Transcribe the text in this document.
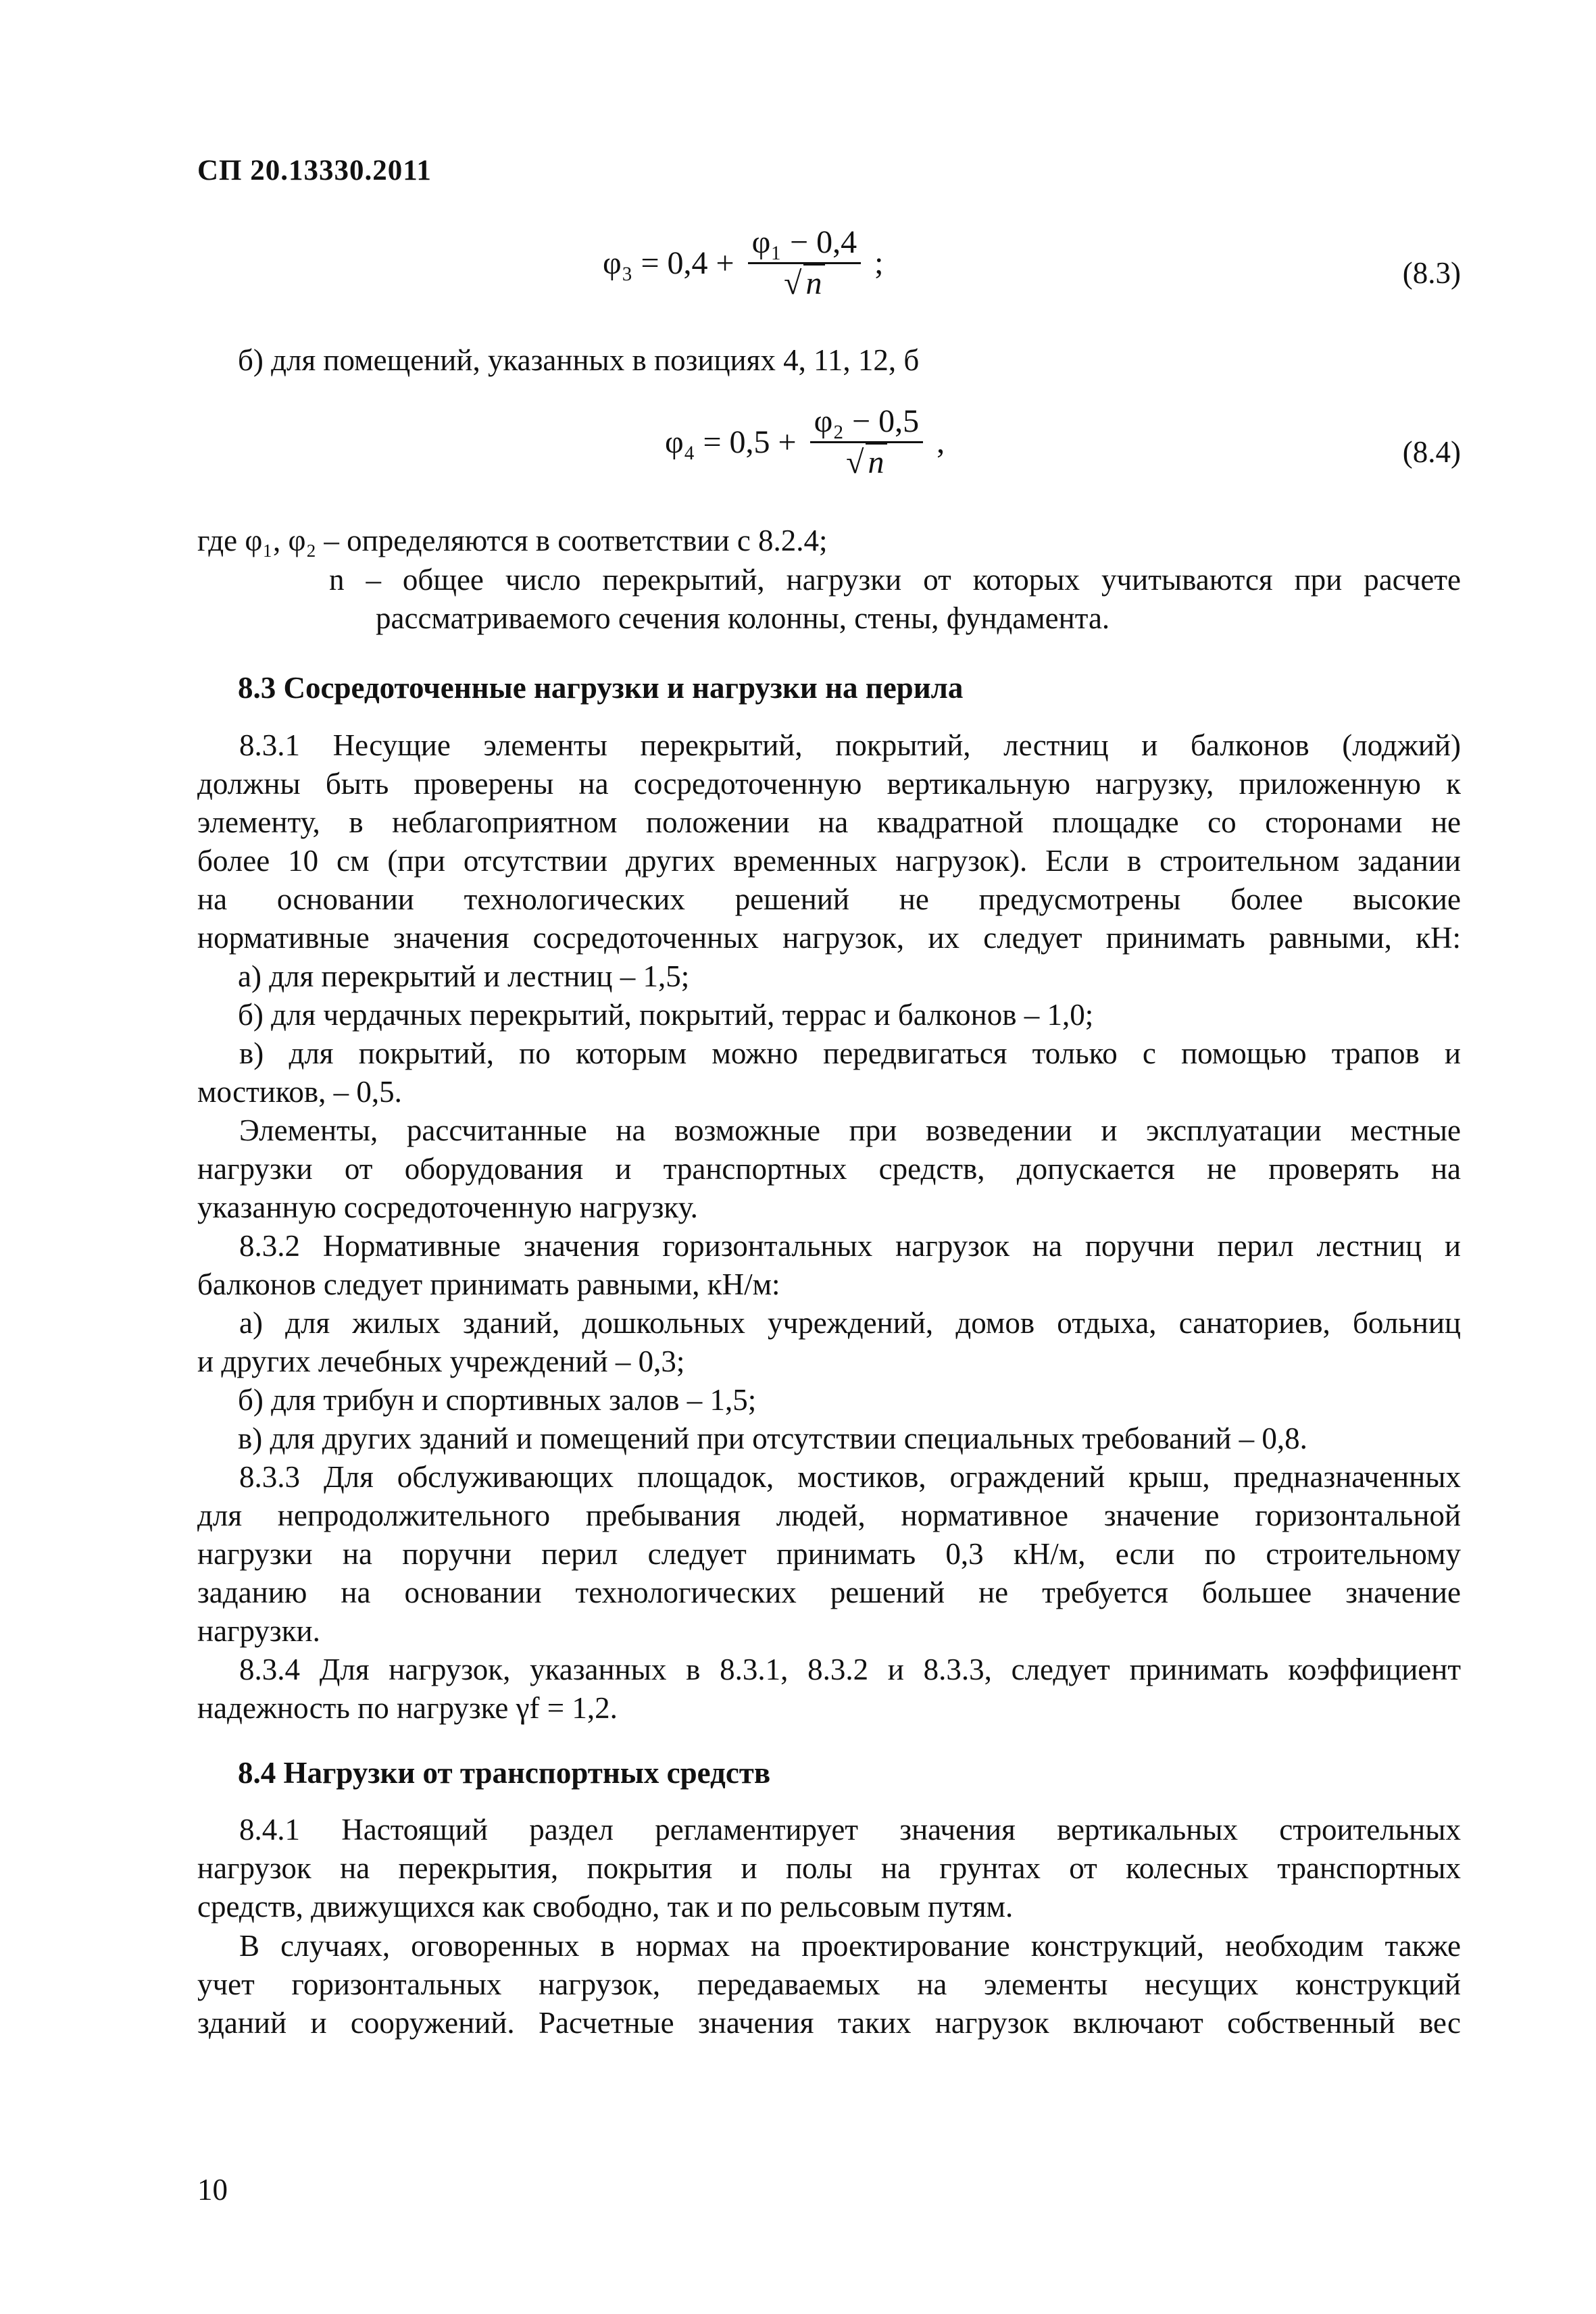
СП 20.13330.2011
$\varphi_3 = 0,4 + \frac{\text{φ₁ − 0,4}}{√ n}$ ;	(8.3)
б) для помещений, указанных в позициях 4, 11, 12, б
$\varphi_4 = 0,5 + \frac{\text{φ₂ − 0,5}}{√ n}$ ,	(8.4)
где φ₁, φ₂ – определяются в соответствии с 8.2.4;
n – общее число перекрытий, нагрузки от которых учитываются при расчете
рассматриваемого сечения колонны, стены, фундамента.
8.3 Сосредоточенные нагрузки и нагрузки на перила
8.3.1 Несущие элементы перекрытий, покрытий, лестниц и балконов (лоджий)
должны быть проверены на сосредоточенную вертикальную нагрузку, приложенную к
элементу, в неблагоприятном положении на квадратной площадке со сторонами не
более 10 см (при отсутствии других временных нагрузок). Если в строительном задании
на основании технологических решений не предусмотрены более высокие
нормативные значения сосредоточенных нагрузок, их следует принимать равными, кН:
а) для перекрытий и лестниц – 1,5;
б) для чердачных перекрытий, покрытий, террас и балконов – 1,0;
в) для покрытий, по которым можно передвигаться только с помощью трапов и
мостиков, – 0,5.
Элементы, рассчитанные на возможные при возведении и эксплуатации местные
нагрузки от оборудования и транспортных средств, допускается не проверять на
указанную сосредоточенную нагрузку.
8.3.2 Нормативные значения горизонтальных нагрузок на поручни перил лестниц и
балконов следует принимать равными, кН/м:
а) для жилых зданий, дошкольных учреждений, домов отдыха, санаториев, больниц
и других лечебных учреждений – 0,3;
б) для трибун и спортивных залов – 1,5;
в) для других зданий и помещений при отсутствии специальных требований – 0,8.
8.3.3 Для обслуживающих площадок, мостиков, ограждений крыш, предназначенных
для непродолжительного пребывания людей, нормативное значение горизонтальной
нагрузки на поручни перил следует принимать 0,3 кН/м, если по строительному
заданию на основании технологических решений не требуется большее значение
нагрузки.
8.3.4 Для нагрузок, указанных в 8.3.1, 8.3.2 и 8.3.3, следует принимать коэффициент
надежность по нагрузке γf = 1,2.
8.4 Нагрузки от транспортных средств
8.4.1 Настоящий раздел регламентирует значения вертикальных строительных
нагрузок на перекрытия, покрытия и полы на грунтах от колесных транспортных
средств, движущихся как свободно, так и по рельсовым путям.
В случаях, оговоренных в нормах на проектирование конструкций, необходим также
учет горизонтальных нагрузок, передаваемых на элементы несущих конструкций
зданий и сооружений. Расчетные значения таких нагрузок включают собственный вес
10
